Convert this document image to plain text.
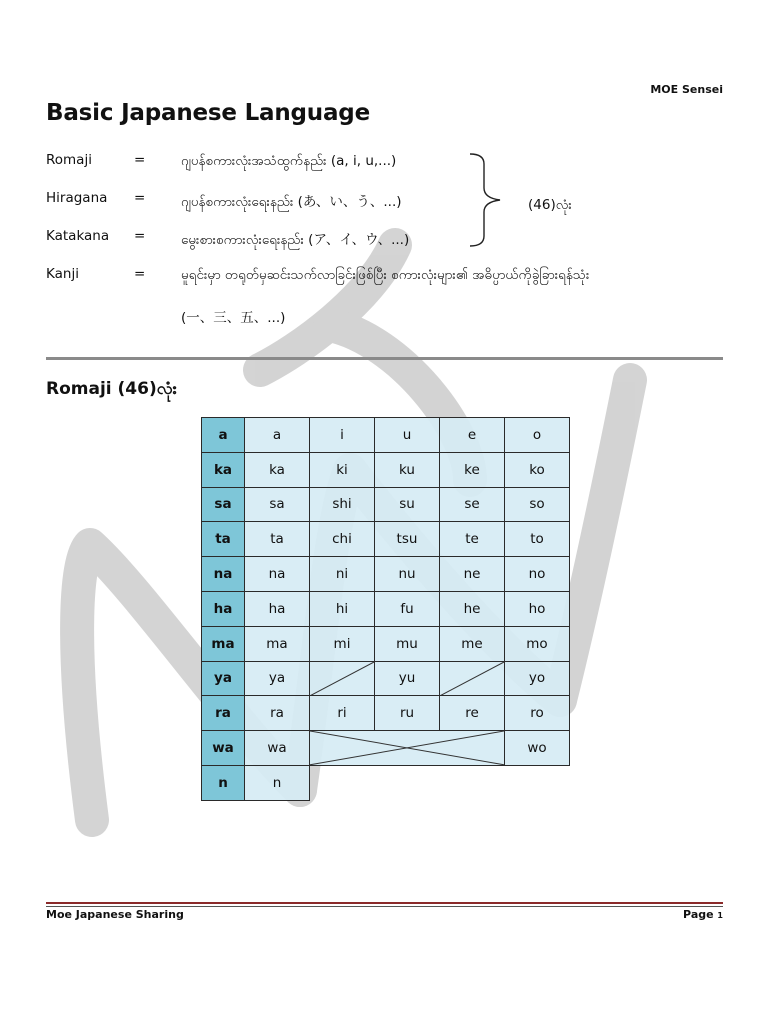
MOE Sensei
Basic Japanese Language
Romaji	=	ဂျပန်စကားလုံးအသံထွက်နည်း (a, i, u,...)
Hiragana =	ဂျပန်စကားလုံးရေးနည်း (あ、い、う、...)
Katakana =	မွေးစားစကားလုံးရေးနည်း (ア、イ、ウ、...)
Kanji	=	မူရင်းမှာ တရုတ်မှဆင်းသက်လာခြင်းဖြစ်ပြီး စကားလုံးများ၏ အဓိပ္ပာယ်ကိုခွဲခြားရန်သုံး
(46)လုံး
(一、三、五、...)
Romaji (46)လုံး
a	a	i	u	e	o
ka	ka	ki	ku	ke	ko
sa	sa	shi	su	se	so
ta	ta	chi	tsu	te	to
na	na	ni	nu	ne	no
ha	ha	hi	fu	he	ho
ma	ma	mi	mu	me	mo
ya	ya		yu		yo
ra	ra	ri	ru	re	ro
wa	wa				wo
n	n				
Moe Japanese Sharing	Page 1
